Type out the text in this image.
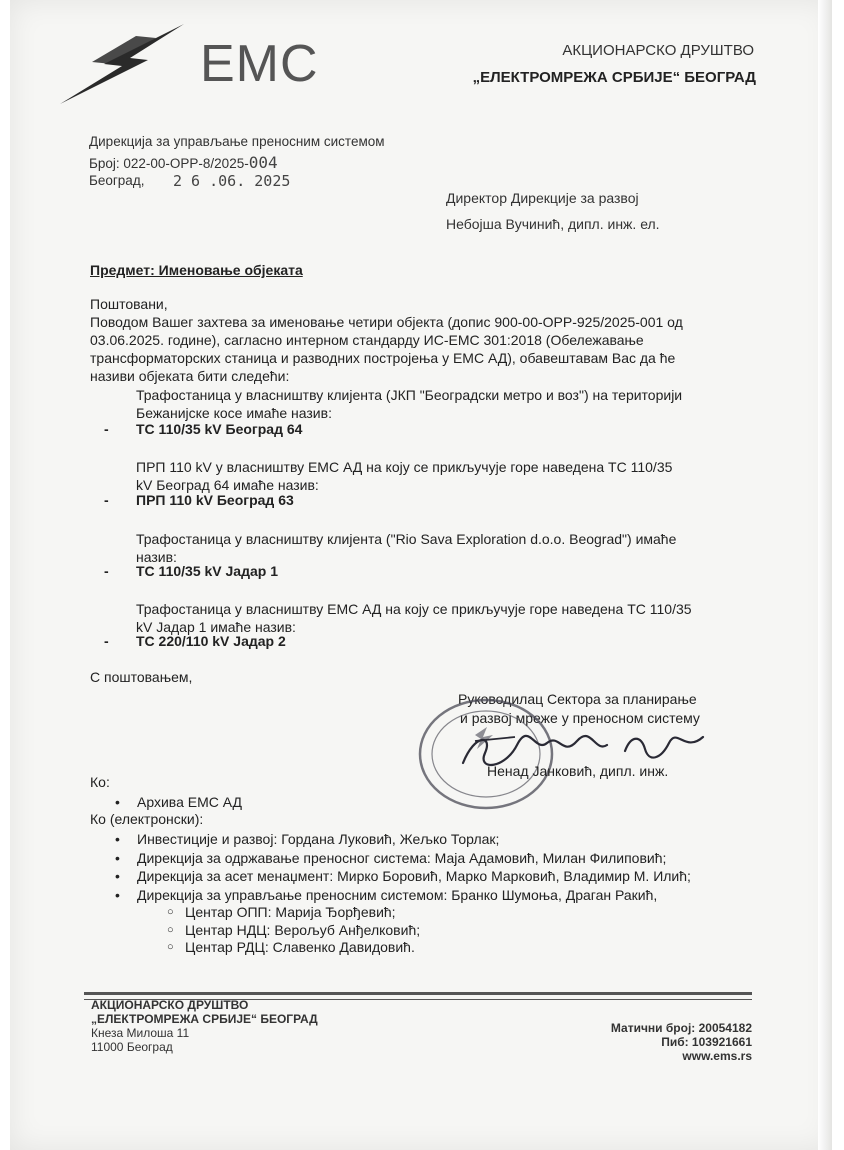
ЕМС	АКЦИОНАРСКО ДРУШТВО
„ЕЛЕКТРОМРЕЖА СРБИЈЕ“ БЕОГРАД
Дирекција за управљање преносним системом
Број: 022-00-ОРР-8/2025-004
Београд, 2 6 .06. 2025
Директор Дирекције за развој
Небојша Вучинић, дипл. инж. ел.
Предмет: Именовање објеката

Поштовани,

Поводом Вашег захтева за именовање четири објекта (допис 900-00-ОРР-925/2025-001 од

03.06.2025. године), сагласно интерном стандарду ИС-ЕМС 301:2018 (Обележавање

трансформаторских станица и разводних постројења у ЕМС АД), обавештавам Вас да ће

називи објеката бити следећи:

Трафостаница у власништву клијента (ЈКП "Београдски метро и воз") на територији

Бежанијске косе имаће назив:

- ТС 110/35 kV Београд 64

ПРП 110 kV у власништву ЕМС АД на коју се прикључује горе наведена ТС 110/35

kV Београд 64 имаће назив:

- ПРП 110 kV Београд 63

Трафостаница у власништву клијента ("Rio Sava Exploration d.o.o. Beograd") имаће

назив:

- ТС 110/35 kV Јадар 1

Трафостаница у власништву ЕМС АД на коју се прикључује горе наведена ТС 110/35

kV Јадар 1 имаће назив:

- ТС 220/110 kV Јадар 2
С поштовањем,
Руководилац Сектора за планирање
и развој мреже у преносном систему
Ненад Јанковић, дипл. инж.
Ко:
• Архива ЕМС АД
Ко (електронски):
• Инвестиције и развој: Гордана Луковић, Жељко Торлак;
• Дирекција за одржавање преносног система: Маја Адамовић, Милан Филиповић;
• Дирекција за асет менаџмент: Мирко Боровић, Марко Марковић, Владимир М. Илић;
• Дирекција за управљање преносним системом: Бранко Шумоња, Драган Ракић,
○ Центар ОПП: Марија Ђорђевић;
○ Центар НДЦ: Верољуб Анђелковић;
○ Центар РДЦ: Славенко Давидовић.
АКЦИОНАРСКО ДРУШТВО
„ЕЛЕКТРОМРЕЖА СРБИЈЕ“ БЕОГРАД
Кнеза Милоша 11
11000 Београд
Матични број: 20054182
Пиб: 103921661
www.ems.rs
